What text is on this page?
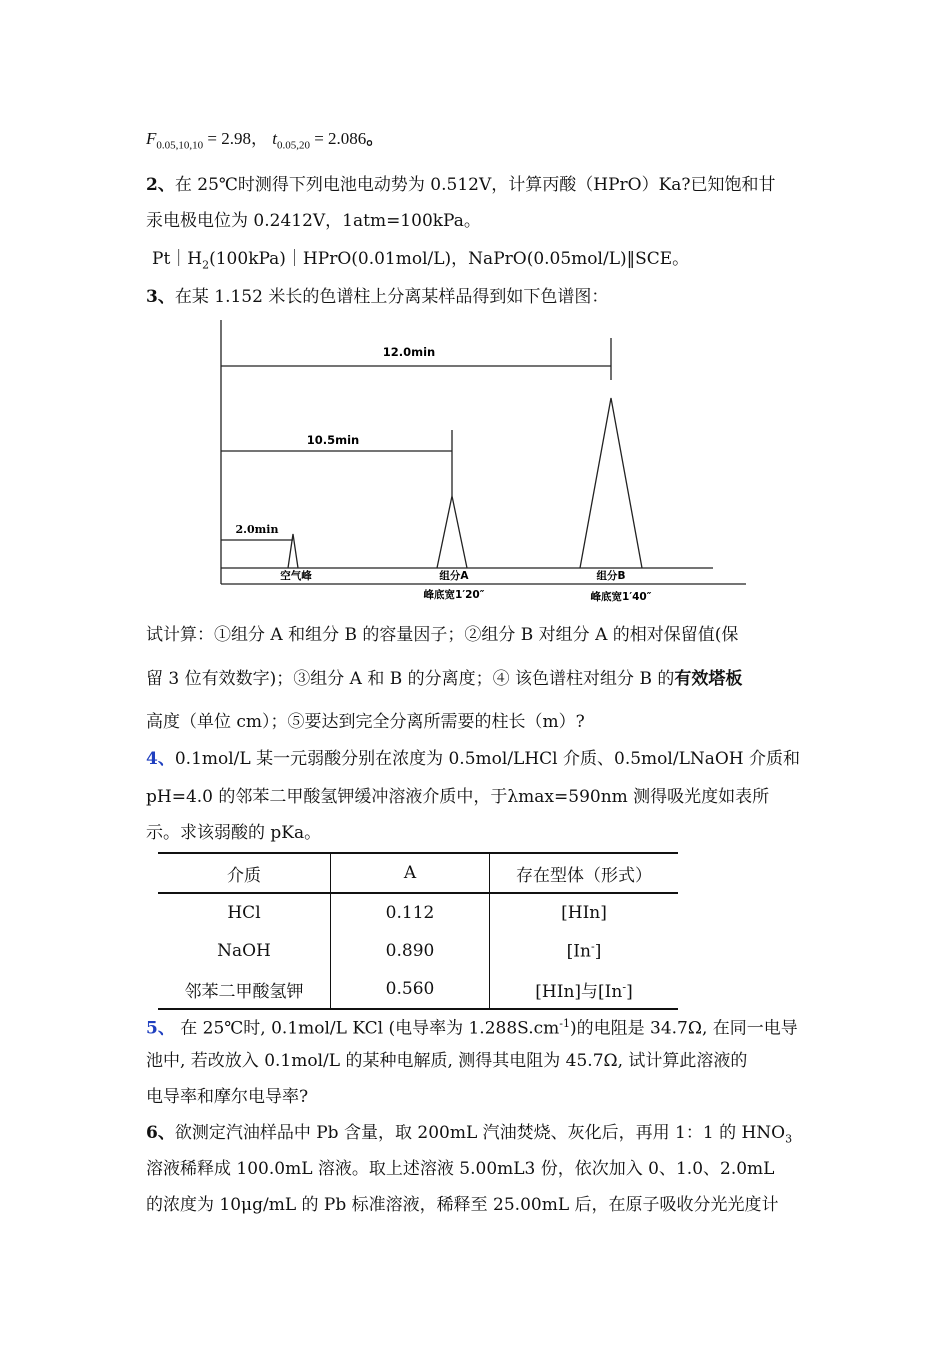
$F_{0.05,10,10} = 2.98$， $t_{0.05,20} = 2.086$。
2、在 25℃时测得下列电池电动势为 0.512V，计算丙酸（HPrO）Ka?已知饱和甘
汞电极电位为 0.2412V，1atm=100kPa。
$Pt|H_2(100kPa)|HPrO(0.01mol/L)$，NaPrO(0.05mol/L)‖SCE。
3、在某 1.152 米长的色谱柱上分离某样品得到如下色谱图：
12.0min
10.5min
2.0min
空气峰	组分A	组分B
峰底宽1′20″	峰底宽1′40″
试计算：①组分 A 和组分 B 的容量因子；②组分 B 对组分 A 的相对保留值(保
留 3 位有效数字)；③组分 A 和 B 的分离度；④ 该色谱柱对组分 B 的有效塔板
高度（单位 cm）；⑤要达到完全分离所需要的柱长（m）?
4、0.1mol/L 某一元弱酸分别在浓度为 0.5mol/LHCl 介质、0.5mol/LNaOH 介质和
pH=4.0 的邻苯二甲酸氢钾缓冲溶液介质中，于λmax=590nm 测得吸光度如表所
示。求该弱酸的 pKa。
介质	A	存在型体（形式）
HCl	0.112	[HIn]
NaOH	0.890	[In-]
邻苯二甲酸氢钾	0.560	[HIn]与[In-]
5、 在 25℃时, 0.1mol/L KCl (电导率为 $1.288S.cm^{-1}$)的电阻是 34.7Ω, 在同一电导
池中, 若改放入 0.1mol/L 的某种电解质, 测得其电阻为 45.7Ω, 试计算此溶液的
电导率和摩尔电导率?
6、欲测定汽油样品中 Pb 含量，取 200mL 汽油焚烧、灰化后，再用 1：1 的 $HNO_3$
溶液稀释成 100.0mL 溶液。取上述溶液 5.00mL3 份，依次加入 0、1.0、2.0mL
的浓度为 10μg/mL 的 Pb 标准溶液，稀释至 25.00mL 后，在原子吸收分光光度计
